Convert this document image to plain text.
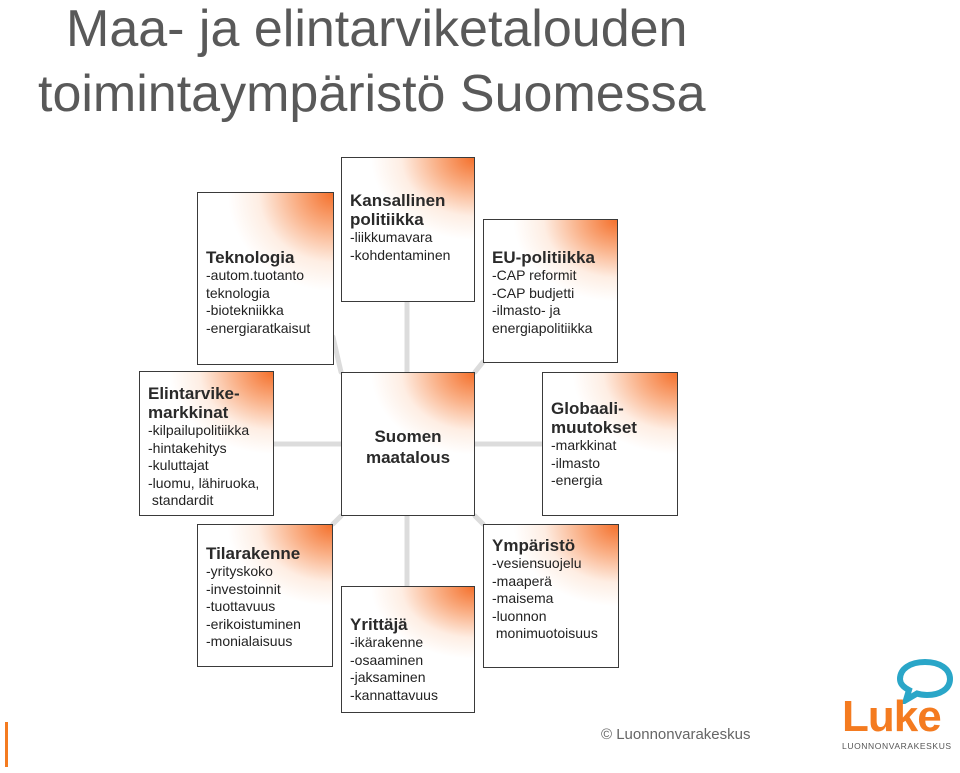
Maa- ja elintarviketalouden
toimintaympäristö Suomessa
Teknologia
-autom.tuotanto
teknologia
-biotekniikka
-energiaratkaisut
Kansallinen
politiikka
-liikkumavara
-kohdentaminen	EU-politiikka
-CAP reformit
-CAP budjetti
-ilmasto- ja
energiapolitiikka
Elintarvike-
markkinat
-kilpailupolitiikka
-hintakehitys
-kuluttajat
-luomu, lähiruoka,
standardit
Suomen
maatalous
Globaali-
muutokset
-markkinat
-ilmasto
-energia
Tilarakenne
-yrityskoko
-investoinnit
-tuottavuus
-erikoistuminen
-monialaisuus
Yrittäjä
-ikärakenne
-osaaminen
-jaksaminen
-kannattavuus
Ympäristö
-vesiensuojelu
-maaperä
-maisema
-luonnon
monimuotoisuus
© Luonnonvarakeskus Luke
LUONNONVARAKESKUS
